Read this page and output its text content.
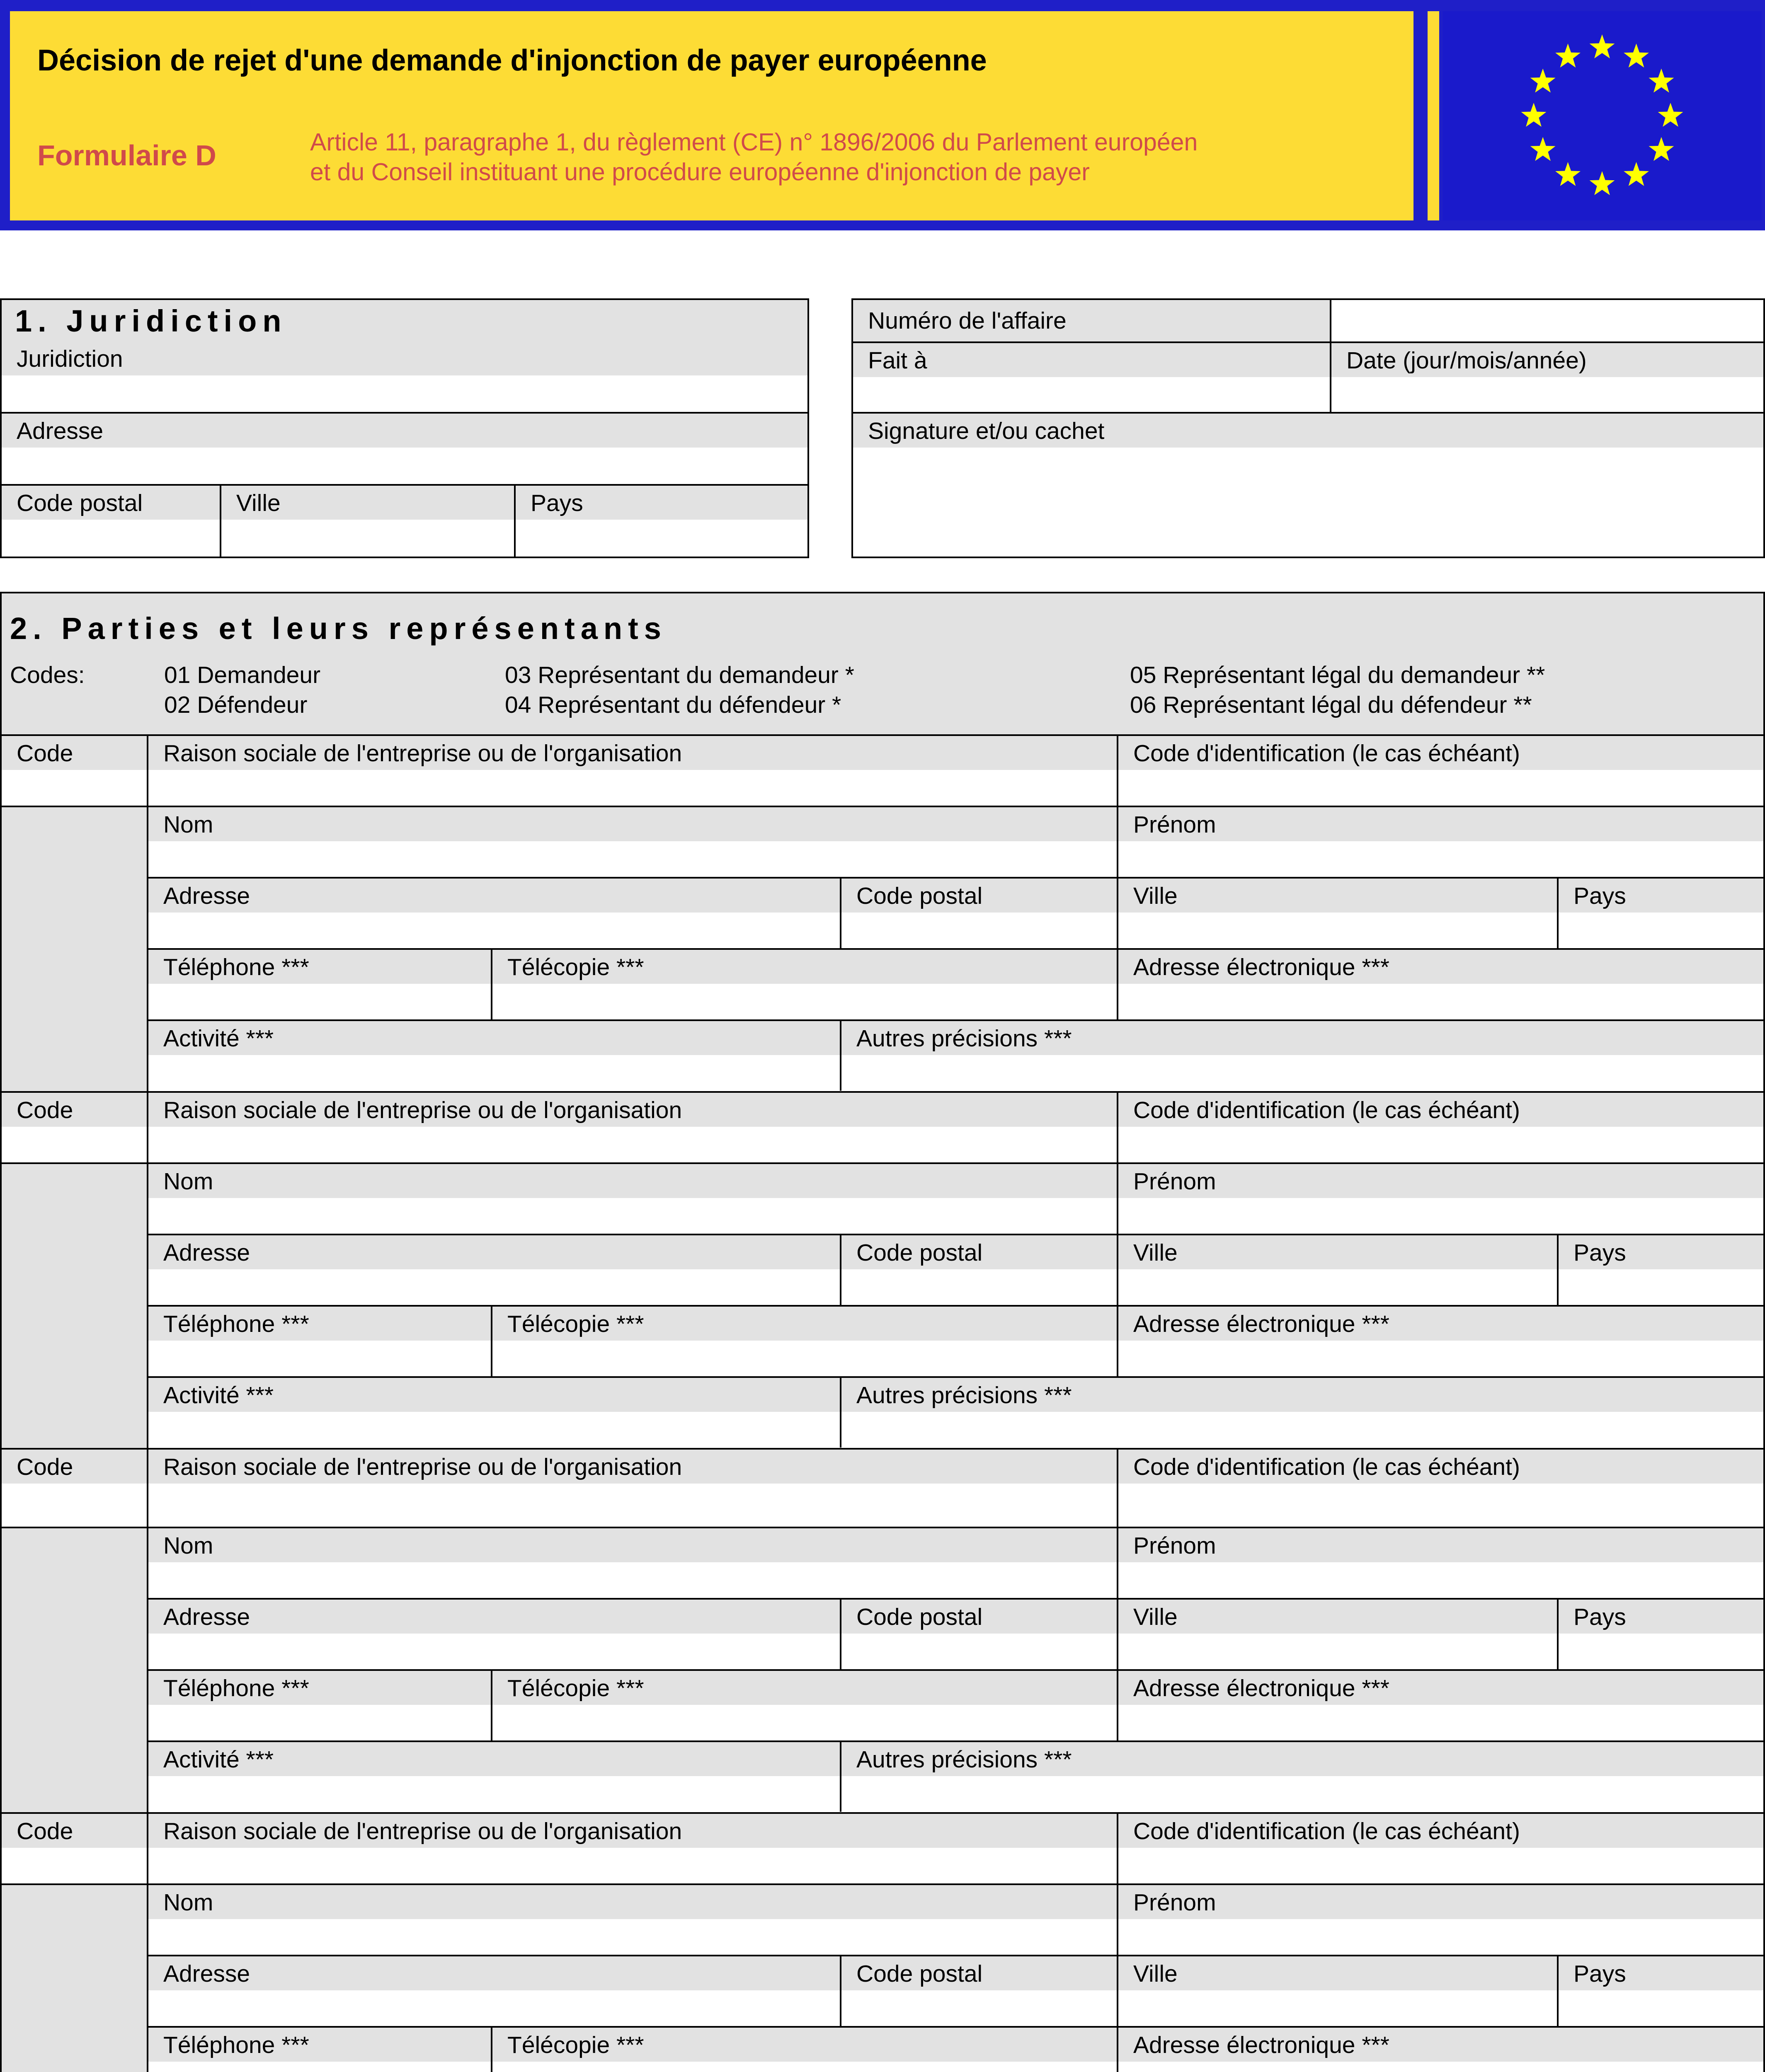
Décision de rejet d'une demande d'injonction de payer européenne
Formulaire D	Article 11, paragraphe 1, du règlement (CE) n° 1896/2006 du Parlement européen
et du Conseil instituant une procédure européenne d'injonction de payer
1. Juridiction
Juridiction
Adresse
Code postal	Ville	Pays
Numéro de l'affaire
Fait à	Date (jour/mois/année)
Signature et/ou cachet
2. Parties et leurs représentants
Codes:	01 Demandeur
02 Défendeur
03 Représentant du demandeur *
04 Représentant du défendeur *
05 Représentant légal du demandeur **
06 Représentant légal du défendeur **
Code	Raison sociale de l'entreprise ou de l'organisation	Code d'identification (le cas échéant)
Nom	Prénom
Adresse	Code postal	Ville	Pays
Téléphone ***	Télécopie ***	Adresse électronique ***
Activité ***	Autres précisions ***
Code	Raison sociale de l'entreprise ou de l'organisation	Code d'identification (le cas échéant)
Nom	Prénom
Adresse	Code postal	Ville	Pays
Téléphone ***	Télécopie ***	Adresse électronique ***
Activité ***	Autres précisions ***
Code	Raison sociale de l'entreprise ou de l'organisation	Code d'identification (le cas échéant)
Nom	Prénom
Adresse	Code postal	Ville	Pays
Téléphone ***	Télécopie ***	Adresse électronique ***
Activité ***	Autres précisions ***
Code	Raison sociale de l'entreprise ou de l'organisation	Code d'identification (le cas échéant)
Nom	Prénom
Adresse	Code postal	Ville	Pays
Téléphone ***	Télécopie ***	Adresse électronique ***
